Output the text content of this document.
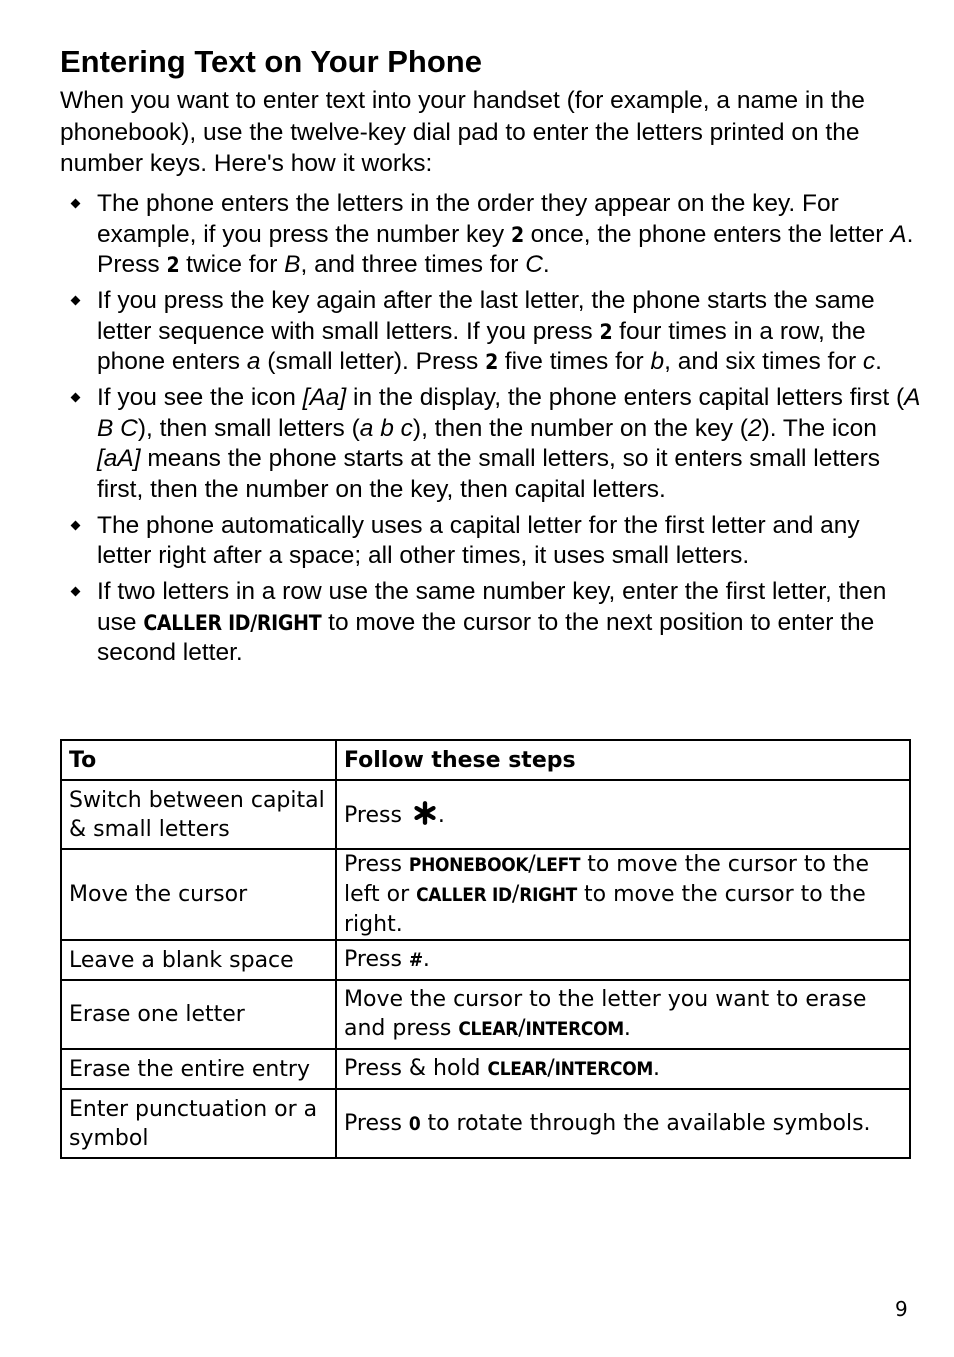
Entering Text on Your Phone

When you want to enter text into your handset (for example, a name in the phonebook), use the twelve-key dial pad to enter the letters printed on the number keys. Here's how it works:

The phone enters the letters in the order they appear on the key. For example, if you press the number key 2 once, the phone enters the letter A. Press 2 twice for B, and three times for C.
If you press the key again after the last letter, the phone starts the same letter sequence with small letters. If you press 2 four times in a row, the phone enters a (small letter). Press 2 five times for b, and six times for c.
If you see the icon [Aa] in the display, the phone enters capital letters first (A B C), then small letters (a b c), then the number on the key (2). The icon [aA] means the phone starts at the small letters, so it enters small letters first, then the number on the key, then capital letters.
The phone automatically uses a capital letter for the first letter and any letter right after a space; all other times, it uses small letters.
If two letters in a row use the same number key, enter the first letter, then use CALLER ID/RIGHT to move the cursor to the next position to enter the second letter.
To	Follow these steps
Switch between capital & small letters	Press .
Move the cursor	Press PHONEBOOK/LEFT to move the cursor to the left or CALLER ID/RIGHT to move the cursor to the right.
Leave a blank space	Press #.
Erase one letter	Move the cursor to the letter you want to erase and press CLEAR/INTERCOM.
Erase the entire entry	Press & hold CLEAR/INTERCOM.
Enter punctuation or a symbol	Press 0 to rotate through the available symbols.
9
